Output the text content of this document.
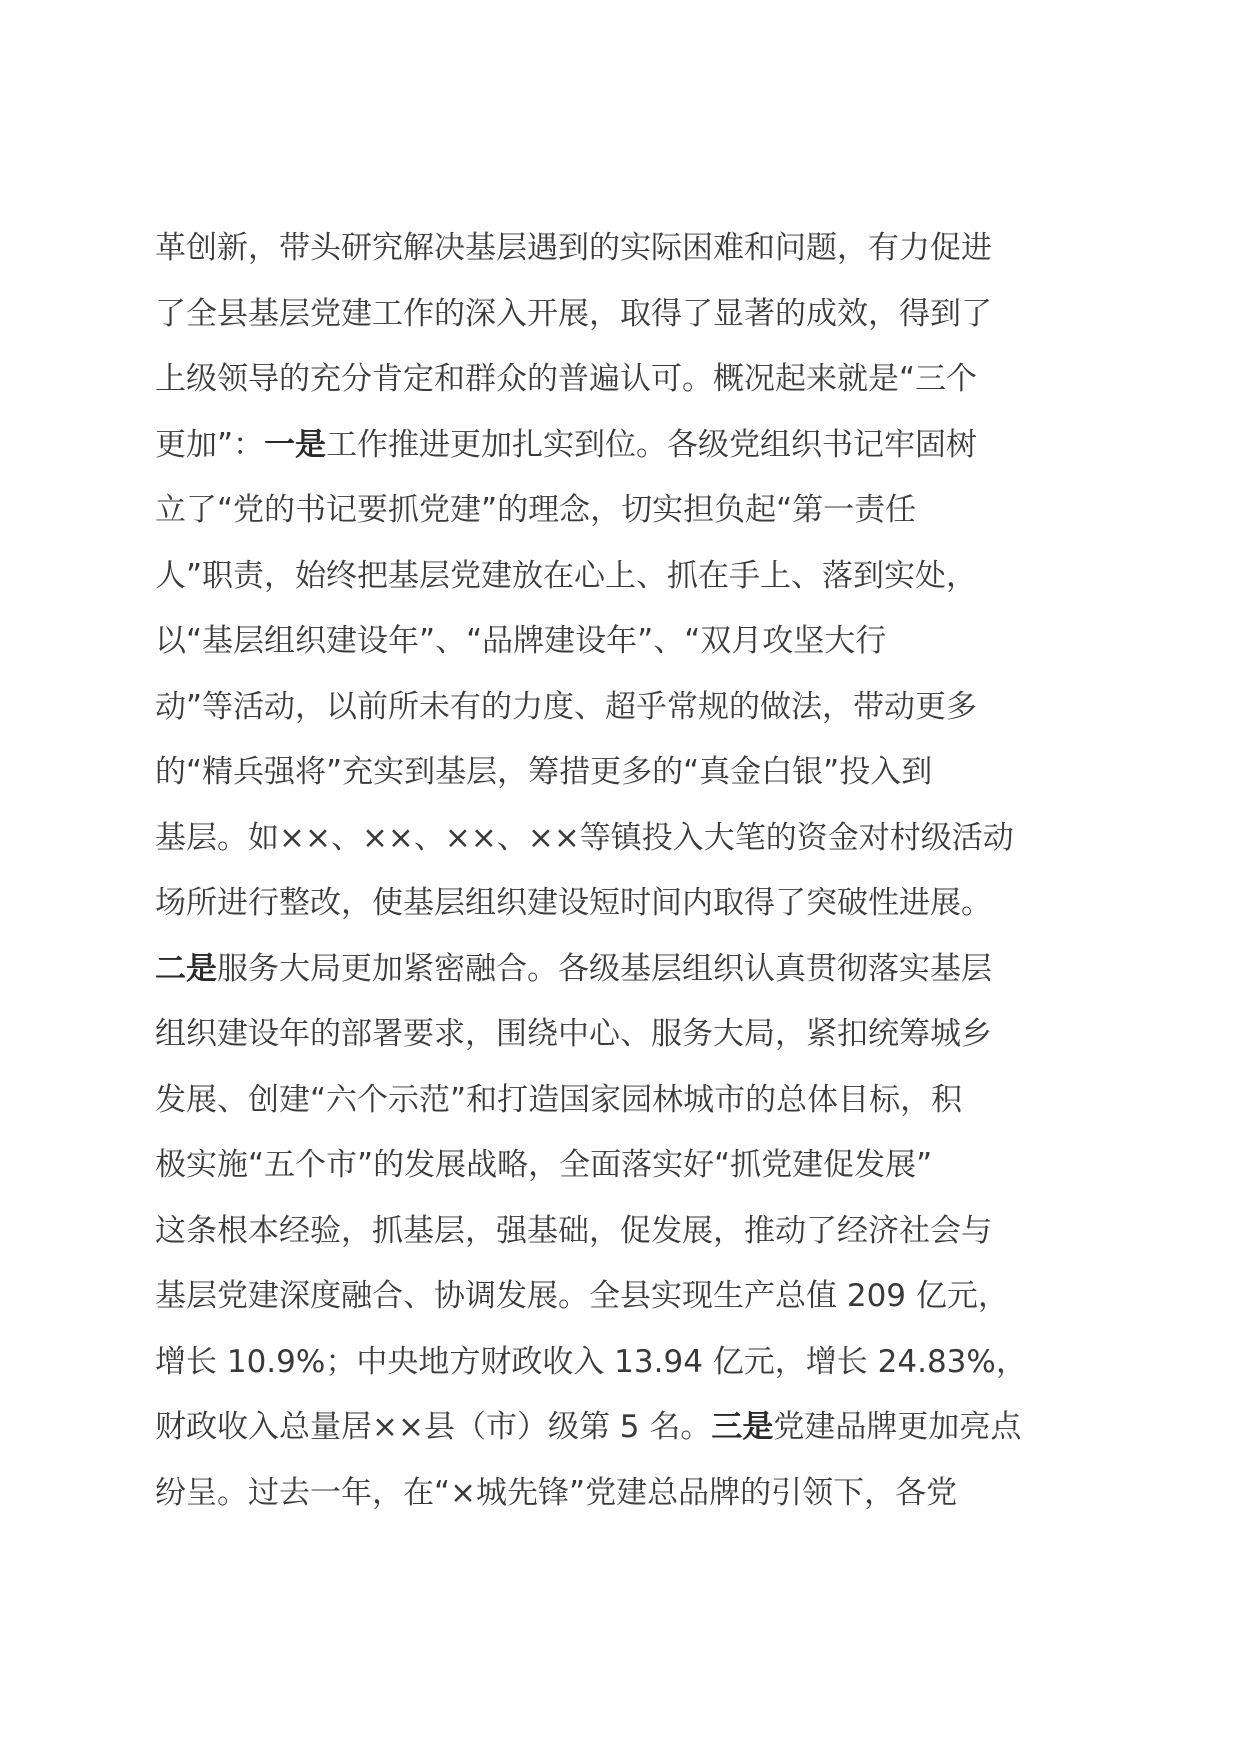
革创新，带头研究解决基层遇到的实际困难和问题，有力促进
了全县基层党建工作的深入开展，取得了显著的成效，得到了
上级领导的充分肯定和群众的普遍认可。概况起来就是“三个
更加”：一是工作推进更加扎实到位。各级党组织书记牢固树
立了“党的书记要抓党建”的理念，切实担负起“第一责任
人”职责，始终把基层党建放在心上、抓在手上、落到实处，
以“基层组织建设年”、“品牌建设年”、“双月攻坚大行
动”等活动，以前所未有的力度、超乎常规的做法，带动更多
的“精兵强将”充实到基层，筹措更多的“真金白银”投入到
基层。如××、××、××、××等镇投入大笔的资金对村级活动
场所进行整改，使基层组织建设短时间内取得了突破性进展。
二是服务大局更加紧密融合。各级基层组织认真贯彻落实基层
组织建设年的部署要求，围绕中心、服务大局，紧扣统筹城乡
发展、创建“六个示范”和打造国家园林城市的总体目标，积
极实施“五个市”的发展战略，全面落实好“抓党建促发展”
这条根本经验，抓基层，强基础，促发展，推动了经济社会与
基层党建深度融合、协调发展。全县实现生产总值 209 亿元，
增长 10.9%；中央地方财政收入 13.94 亿元，增长 24.83%，
财政收入总量居××县（市）级第 5 名。三是党建品牌更加亮点
纷呈。过去一年，在“×城先锋”党建总品牌的引领下，各党
